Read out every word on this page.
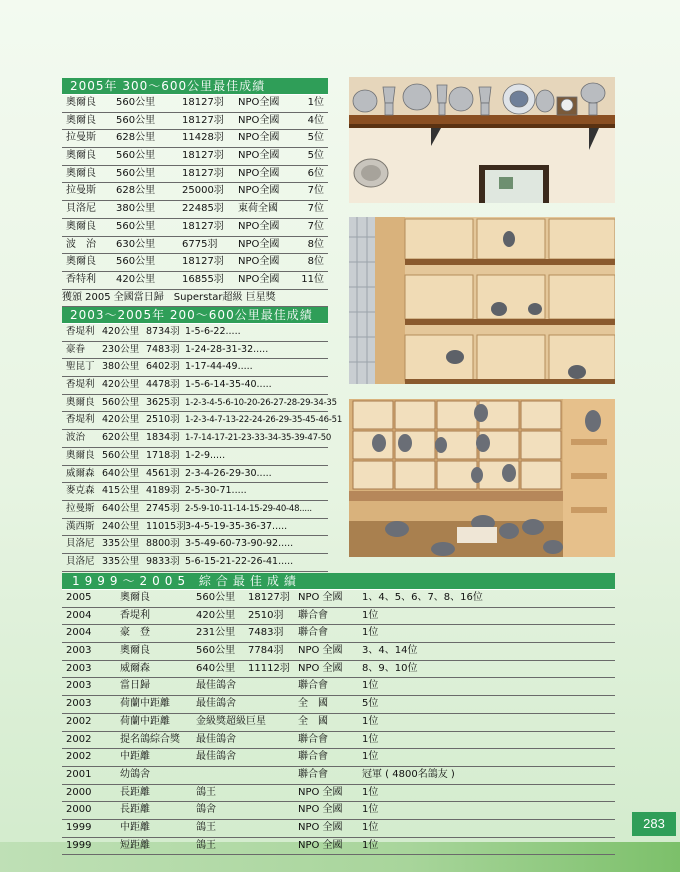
2005年 300～600公里最佳成績
奧爾良 560公里	18127羽 NPO全國	1位
奧爾良 560公里	18127羽 NPO全國	4位
拉曼斯 628公里	11428羽 NPO全國	5位
奧爾良 560公里	18127羽 NPO全國	5位
奧爾良 560公里	18127羽 NPO全國	6位
拉曼斯 628公里	25000羽 NPO全國	7位
貝洛尼 380公里	22485羽 東荷全國	7位
奧爾良 560公里	18127羽 NPO全國	7位
波　治 630公里	6775羽 NPO全國	8位
奧爾良 560公里	18127羽 NPO全國	8位
香特利 420公里	16855羽 NPO全國 11位
獲頒 2005 全國當日歸　Superstar超級 巨星獎
2003～2005年 200～600公里最佳成績
香堤利 420公里 8734羽 1-5-6-22.....
豪眷 230公里 7483羽 1-24-28-31-32.....
聖昆丁 380公里 6402羽 1-17-44-49.....
香堤利 420公里 4478羽 1-5-6-14-35-40.....
奧爾良 560公里 3625羽 1-2-3-4-5-6-10-20-26-27-28-29-34-35
香堤利 420公里 2510羽 1-2-3-4-7-13-22-24-26-29-35-45-46-51
波治 620公里 1834羽 1-7-14-17-21-23-33-34-35-39-47-50
奧爾良 560公里 1718羽 1-2-9.....
威爾森 640公里 4561羽 2-3-4-26-29-30.....
麥克森 415公里 4189羽 2-5-30-71.....
拉曼斯 640公里 2745羽 2-5-9-10-11-14-15-29-40-48.....
漢西斯 240公里 11015羽 3-4-5-19-35-36-37.....
貝洛尼 335公里 8800羽 3-5-49-60-73-90-92.....
貝洛尼 335公里 9833羽 5-6-15-21-22-26-41.....
1999～2005 綜合最佳成績
2005	奧爾良	560公里 18127羽 NPO 全國 1、4、5、6、7、8、16位
2004	香堤利	420公里 2510羽 聯合會	1位
2004	豪　登	231公里 7483羽 聯合會	1位
2003	奧爾良	560公里 7784羽 NPO 全國 3、4、14位
2003	威爾森	640公里 11112羽 NPO 全國 8、9、10位
2003	當日歸	最佳鴿舍	聯合會	1位
2003	荷蘭中距離	最佳鴿舍	全　國	5位
2002	荷蘭中距離	金級獎超級巨星	全　國	1位
2002	提名鴿綜合獎 最佳鴿舍	聯合會	1位
2002	中距離	最佳鴿舍	聯合會	1位
2001	幼鴿舍	聯合會	冠軍 ( 4800名鴿友 )
2000	長距離	鴿王	NPO 全國 1位
2000	長距離	鴿舍	NPO 全國 1位
1999	中距離	鴿王	NPO 全國 1位
1999	短距離	鴿王	NPO 全國 1位
283
